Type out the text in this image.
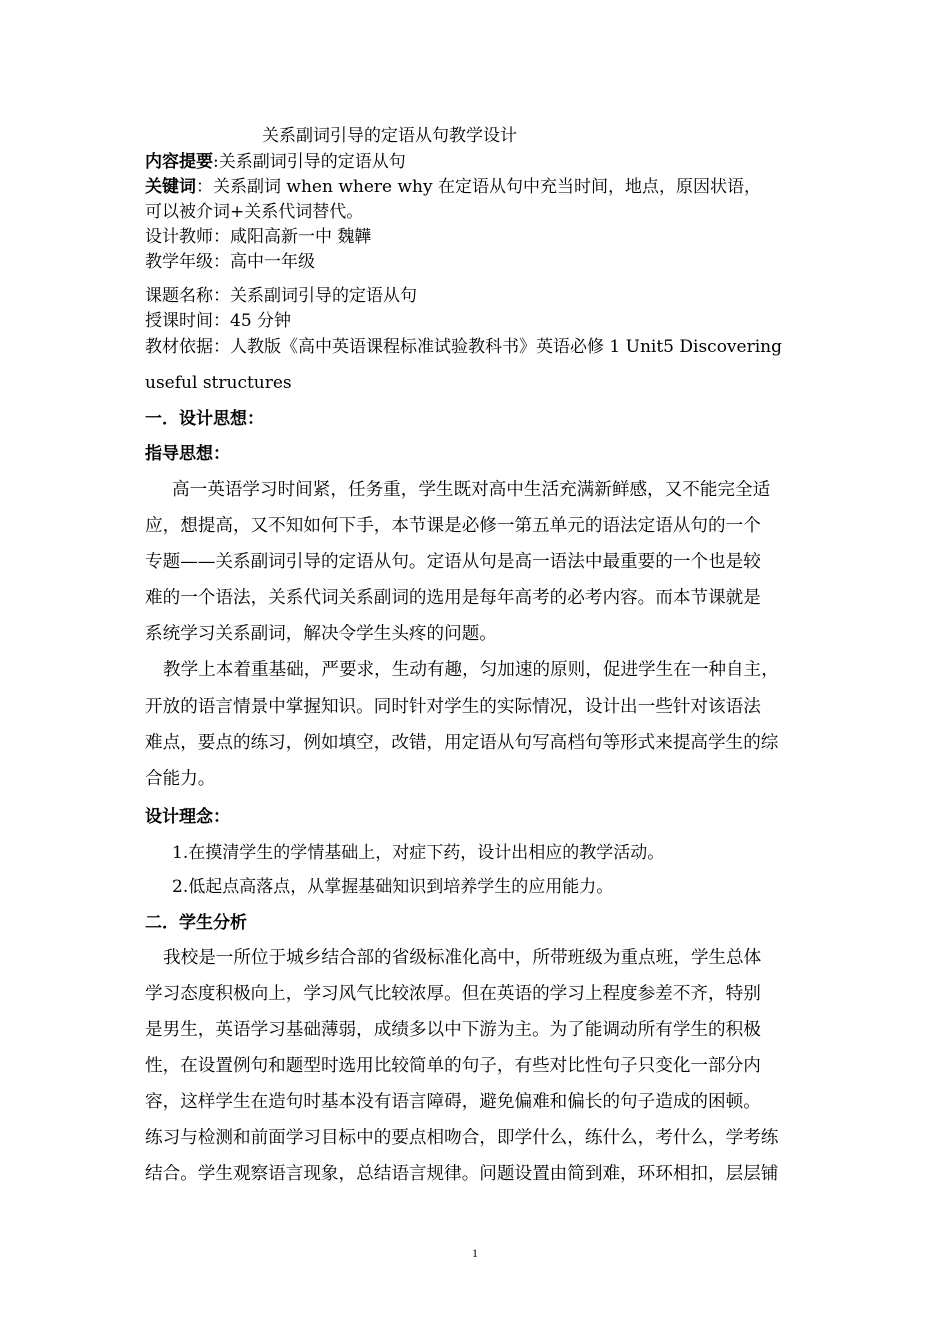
关系副词引导的定语从句教学设计
内容提要:关系副词引导的定语从句
关键词：关系副词 when where why 在定语从句中充当时间，地点，原因状语，
可以被介词+关系代词替代。
设计教师：咸阳高新一中 魏韡
教学年级：高中一年级
课题名称：关系副词引导的定语从句
授课时间：45 分钟
教材依据：人教版《高中英语课程标准试验教科书》英语必修 1 Unit5 Discovering
useful structures
一．设计思想：
指导思想：
高一英语学习时间紧，任务重，学生既对高中生活充满新鲜感，又不能完全适
应，想提高，又不知如何下手，本节课是必修一第五单元的语法定语从句的一个
专题——关系副词引导的定语从句。定语从句是高一语法中最重要的一个也是较
难的一个语法，关系代词关系副词的选用是每年高考的必考内容。而本节课就是
系统学习关系副词，解决令学生头疼的问题。
教学上本着重基础，严要求，生动有趣，匀加速的原则，促进学生在一种自主，
开放的语言情景中掌握知识。同时针对学生的实际情况，设计出一些针对该语法
难点，要点的练习，例如填空，改错，用定语从句写高档句等形式来提高学生的综
合能力。
设计理念：
1.在摸清学生的学情基础上，对症下药，设计出相应的教学活动。
2.低起点高落点，从掌握基础知识到培养学生的应用能力。
二．学生分析
我校是一所位于城乡结合部的省级标准化高中，所带班级为重点班，学生总体
学习态度积极向上，学习风气比较浓厚。但在英语的学习上程度参差不齐，特别
是男生，英语学习基础薄弱，成绩多以中下游为主。为了能调动所有学生的积极
性，在设置例句和题型时选用比较简单的句子，有些对比性句子只变化一部分内
容，这样学生在造句时基本没有语言障碍，避免偏难和偏长的句子造成的困顿。
练习与检测和前面学习目标中的要点相吻合，即学什么，练什么，考什么，学考练
结合。学生观察语言现象，总结语言规律。问题设置由简到难，环环相扣，层层铺
1
